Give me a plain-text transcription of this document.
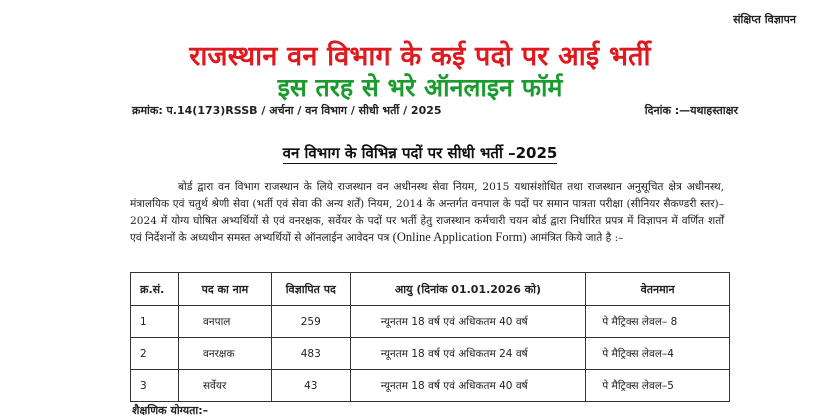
संक्षिप्त विज्ञापन
राजस्थान वन विभाग के कई पदो पर आई भर्ती
इस तरह से भरे ऑनलाइन फॉर्म
क्रमांक: प.14(173)RSSB / अर्चना / वन विभाग / सीधी भर्ती / 2025	दिनांक :—यथाहस्ताक्षर
वन विभाग के विभिन्न पदों पर सीधी भर्ती –2025
बोर्ड द्वारा वन विभाग राजस्थान के लिये राजस्थान वन अधीनस्थ सेवा नियम, 2015 यथासंशोधित तथा राजस्थान अनुसूचित क्षेत्र अधीनस्थ, मंत्रालयिक एवं चतुर्थ श्रेणी सेवा (भर्ती एवं सेवा की अन्य शर्तें) नियम, 2014 के अन्तर्गत वनपाल के पदों पर समान पात्रता परीक्षा (सीनियर सैकण्डरी स्तर)– 2024 में योग्य घोषित अभ्यर्थियों से एवं वनरक्षक, सर्वेयर के पदों पर भर्ती हेतु राजस्थान कर्मचारी चयन बोर्ड द्वारा निर्धारित प्रपत्र में विज्ञापन में वर्णित शर्तों एवं निर्देशनों के अध्यधीन समस्त अभ्यर्थियों से ऑनलाईन आवेदन पत्र (Online Application Form) आमंत्रित किये जाते है :–
क्र.सं.	पद का नाम	विज्ञापित पद	आयु (दिनांक 01.01.2026 को)	वेतनमान
1	वनपाल	259	न्यूनतम 18 वर्ष एवं अधिकतम 40 वर्ष	पे मैट्रिक्स लेवल– 8
2	वनरक्षक	483	न्यूनतम 18 वर्ष एवं अधिकतम 24 वर्ष	पे मैट्रिक्स लेवल–4
3	सर्वेयर	43	न्यूनतम 18 वर्ष एवं अधिकतम 40 वर्ष	पे मैट्रिक्स लेवल–5
शैक्षणिक योग्यता:–
